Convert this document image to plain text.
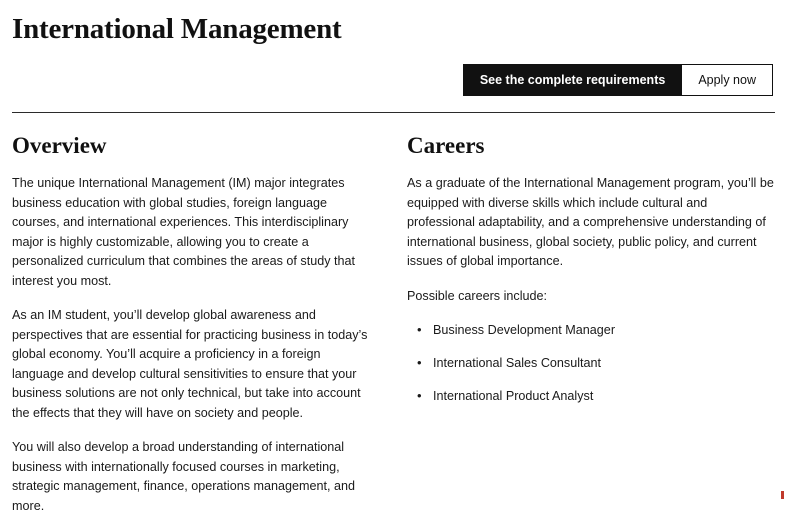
International Management
See the complete requirements	Apply now
Overview

The unique International Management (IM) major integrates business education with global studies, foreign language courses, and international experiences. This interdisciplinary major is highly customizable, allowing you to create a personalized curriculum that combines the areas of study that interest you most.

As an IM student, you’ll develop global awareness and perspectives that are essential for practicing business in today’s global economy. You’ll acquire a proficiency in a foreign language and develop cultural sensitivities to ensure that your business solutions are not only technical, but take into account the effects that they will have on society and people.

You will also develop a broad understanding of international business with internationally focused courses in marketing, strategic management, finance, operations management, and more.

Careers

As a graduate of the International Management program, you’ll be equipped with diverse skills which include cultural and professional adaptability, and a comprehensive understanding of international business, global society, public policy, and current issues of global importance.

Possible careers include:

• Business Development Manager
• International Sales Consultant
• International Product Analyst
